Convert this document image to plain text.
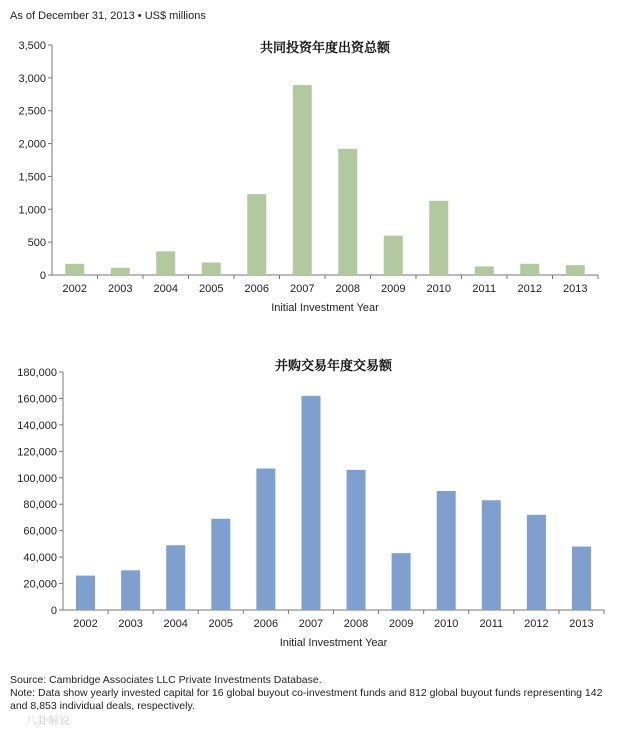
As of December 31, 2013 • US$ millions
共同投资年度出资总额
0
500
1,000
1,500
2,000
2,500
3,000
3,500
2002 2003 2004 2005 2006 2007 2008 2009 2010 2011 2012 2013
Initial Investment Year
并购交易年度交易额
0
20,000
40,000
60,000
80,000
100,000
120,000
140,000
160,000
180,000
2002 2003 2004 2005 2006 2007 2008 2009 2010 2011 2012 2013
Initial Investment Year
Source: Cambridge Associates LLC Private Investments Database.
Note: Data show yearly invested capital for 16 global buyout co-investment funds and 812 global buyout funds representing 142 and 8,853 individual deals, respectively.
八卦解说
